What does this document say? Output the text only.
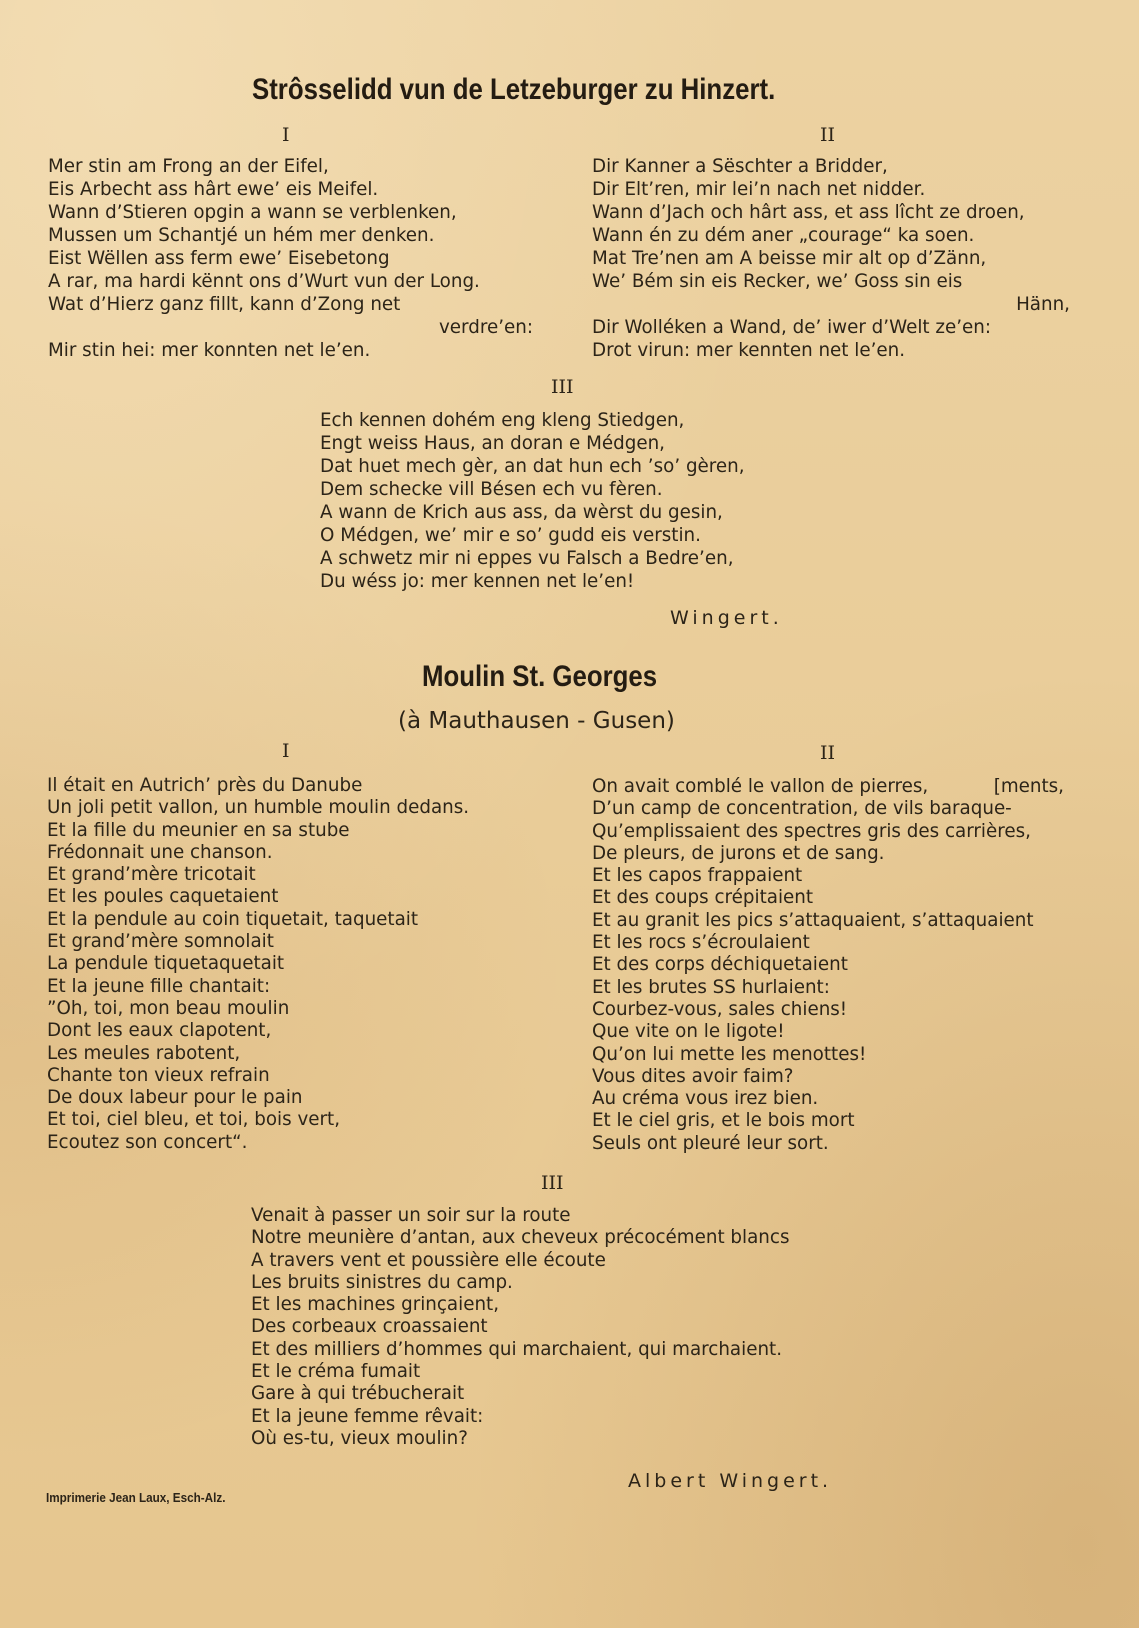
Strôsselidd vun de Letzeburger zu Hinzert.
I	II
Mer stin am Frong an der Eifel,
Eis Arbecht ass hârt ewe’ eis Meifel.
Wann d’Stieren opgin a wann se verblenken,
Mussen um Schantjé un hém mer denken.
Eist Wëllen ass ferm ewe’ Eisebetong
A rar, ma hardi kënnt ons d’Wurt vun der Long.
Wat d’Hierz ganz fillt, kann d’Zong net
verdre’en:
Mir stin hei: mer konnten net le’en.
Dir Kanner a Sëschter a Bridder,
Dir Elt’ren, mir lei’n nach net nidder.
Wann d’Jach och hârt ass, et ass lîcht ze droen,
Wann én zu dém aner „courage“ ka soen.
Mat Tre’nen am A beisse mir alt op d’Zänn,
We’ Bém sin eis Recker, we’ Goss sin eis
Hänn,
Dir Wolléken a Wand, de’ iwer d’Welt ze’en:
Drot virun: mer kennten net le’en.
III
Ech kennen dohém eng kleng Stiedgen,
Engt weiss Haus, an doran e Médgen,
Dat huet mech gèr, an dat hun ech ’so’ gèren,
Dem schecke vill Bésen ech vu fèren.
A wann de Krich aus ass, da wèrst du gesin,
O Médgen, we’ mir e so’ gudd eis verstin.
A schwetz mir ni eppes vu Falsch a Bedre’en,
Du wéss jo: mer kennen net le’en!
Wingert.
Moulin St. Georges
(à Mauthausen - Gusen)
I	II
Il était en Autrich’ près du Danube
Un joli petit vallon, un humble moulin dedans.
Et la fille du meunier en sa stube
Frédonnait une chanson.
Et grand’mère tricotait
Et les poules caquetaient
Et la pendule au coin tiquetait, taquetait
Et grand’mère somnolait
La pendule tiquetaquetait
Et la jeune fille chantait:
”Oh, toi, mon beau moulin
Dont les eaux clapotent,
Les meules rabotent,
Chante ton vieux refrain
De doux labeur pour le pain
Et toi, ciel bleu, et toi, bois vert,
Ecoutez son concert“.
On avait comblé le vallon de pierres,	[ments,
D’un camp de concentration, de vils baraque-
Qu’emplissaient des spectres gris des carrières,
De pleurs, de jurons et de sang.
Et les capos frappaient
Et des coups crépitaient
Et au granit les pics s’attaquaient, s’attaquaient
Et les rocs s’écroulaient
Et des corps déchiquetaient
Et les brutes SS hurlaient:
Courbez-vous, sales chiens!
Que vite on le ligote!
Qu’on lui mette les menottes!
Vous dites avoir faim?
Au créma vous irez bien.
Et le ciel gris, et le bois mort
Seuls ont pleuré leur sort.
III
Venait à passer un soir sur la route
Notre meunière d’antan, aux cheveux précocément blancs
A travers vent et poussière elle écoute
Les bruits sinistres du camp.
Et les machines grinçaient,
Des corbeaux croassaient
Et des milliers d’hommes qui marchaient, qui marchaient.
Et le créma fumait
Gare à qui trébucherait
Et la jeune femme rêvait:
Où es-tu, vieux moulin?
Albert Wingert.
Imprimerie Jean Laux, Esch-Alz.
